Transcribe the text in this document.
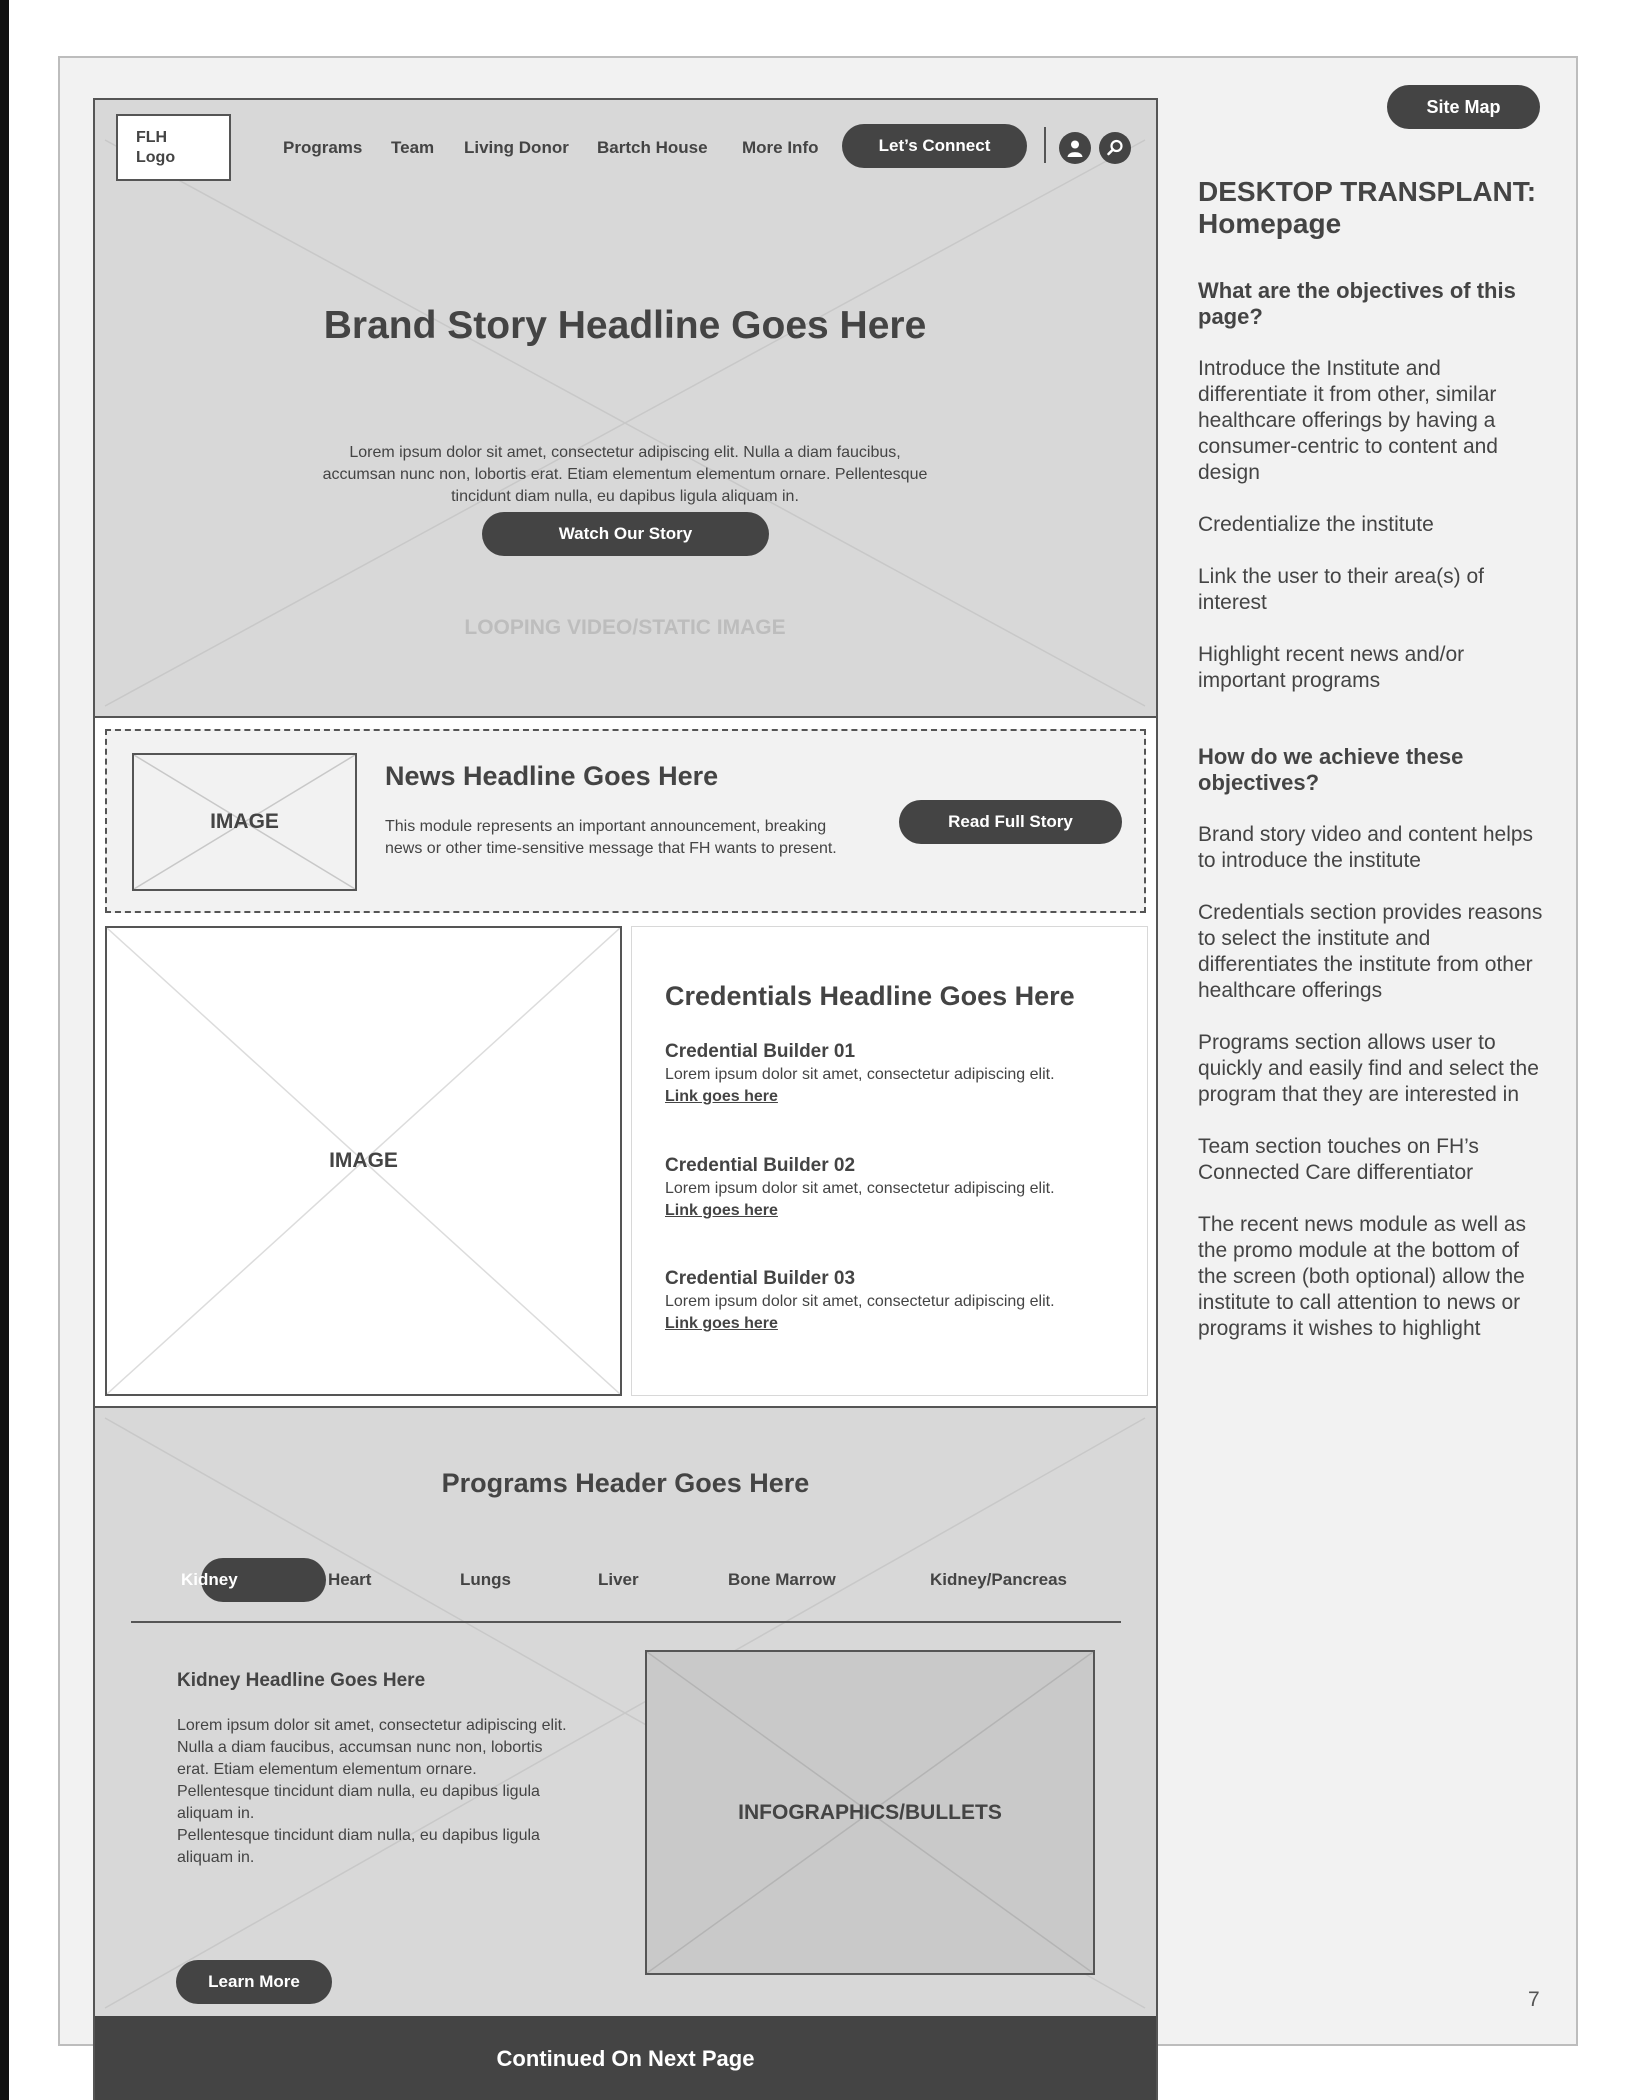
Site Map
DESKTOP TRANSPLANT: Homepage
What are the objectives of this page?
Introduce the Institute and differentiate it from other, similar healthcare offerings by having a consumer-centric to content and design
Credentialize the institute
Link the user to their area(s) of interest
Highlight recent news and/or important programs
How do we achieve these objectives?
Brand story video and content helps to introduce the institute
Credentials section provides reasons to select the institute and differentiates the institute from other healthcare offerings
Programs section allows user to quickly and easily find and select the program that they are interested in
Team section touches on FH’s Connected Care differentiator
The recent news module as well as the promo module at the bottom of the screen (both optional) allow the institute to call attention to news or programs it wishes to highlight
7
FLH
Logo
Programs Team Living Donor Bartch House More Info	Let’s Connect
Brand Story Headline Goes Here
Lorem ipsum dolor sit amet, consectetur adipiscing elit. Nulla a diam faucibus, accumsan nunc non, lobortis erat. Etiam elementum elementum ornare. Pellentesque tincidunt diam nulla, eu dapibus ligula aliquam in.
Watch Our Story
LOOPING VIDEO/STATIC IMAGE
IMAGE
News Headline Goes Here
This module represents an important announcement, breaking news or other time-sensitive message that FH wants to present.
Read Full Story
IMAGE
Credentials Headline Goes Here
Credential Builder 01
Lorem ipsum dolor sit amet, consectetur adipiscing elit.
Link goes here
Credential Builder 02
Lorem ipsum dolor sit amet, consectetur adipiscing elit.
Link goes here
Credential Builder 03
Lorem ipsum dolor sit amet, consectetur adipiscing elit.
Link goes here
Programs Header Goes Here
Kidney	Heart	Lungs	Liver	Bone Marrow	Kidney/Pancreas
Kidney Headline Goes Here
Lorem ipsum dolor sit amet, consectetur adipiscing elit. Nulla a diam faucibus, accumsan nunc non, lobortis erat. Etiam elementum elementum ornare. Pellentesque tincidunt diam nulla, eu dapibus ligula aliquam in.
Pellentesque tincidunt diam nulla, eu dapibus ligula aliquam in.
Learn More
INFOGRAPHICS/BULLETS
Continued On Next Page
